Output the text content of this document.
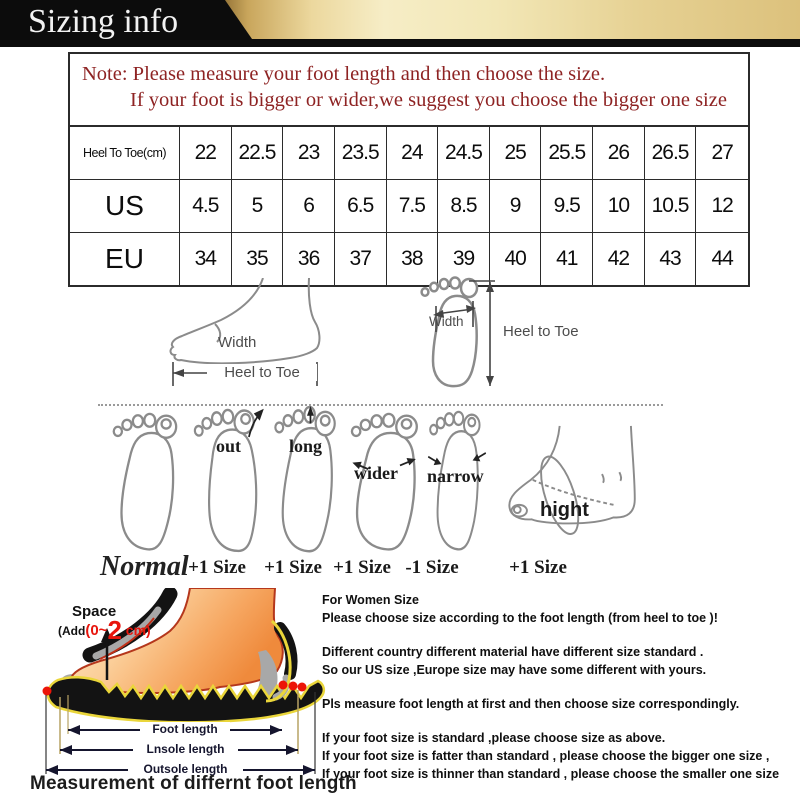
Sizing info
Note: Please measure your foot length and then choose the size.
If your foot is bigger or wider,we suggest you choose the bigger one size
Heel To Toe(cm)	22	22.5	23	23.5	24	24.5	25	25.5	26	26.5	27
US	4.5	5	6	6.5	7.5	8.5	9	9.5	10	10.5	12
EU	34	35	36	37	38	39	40	41	42	43	44
Width
Heel to Toe
Width
Heel to Toe
out	long
wider narrow
hight
Normal +1 Size +1 Size +1 Size -1 Size	+1 Size
Space
(Add(0~2 cm)
Foot length
Lnsole length
Outsole length
Measurement of differnt foot length

For Women Size
Please choose size according to the foot length (from heel to toe )!

Different country different material have different size standard .
So our US size ,Europe size may have some different with yours.

Pls measure foot length at first and then choose size correspondingly.

If your foot size is standard ,please choose size as above.
If your foot size is fatter than standard , please choose the bigger one size ,
If your foot size is thinner than standard , please choose the smaller one size
